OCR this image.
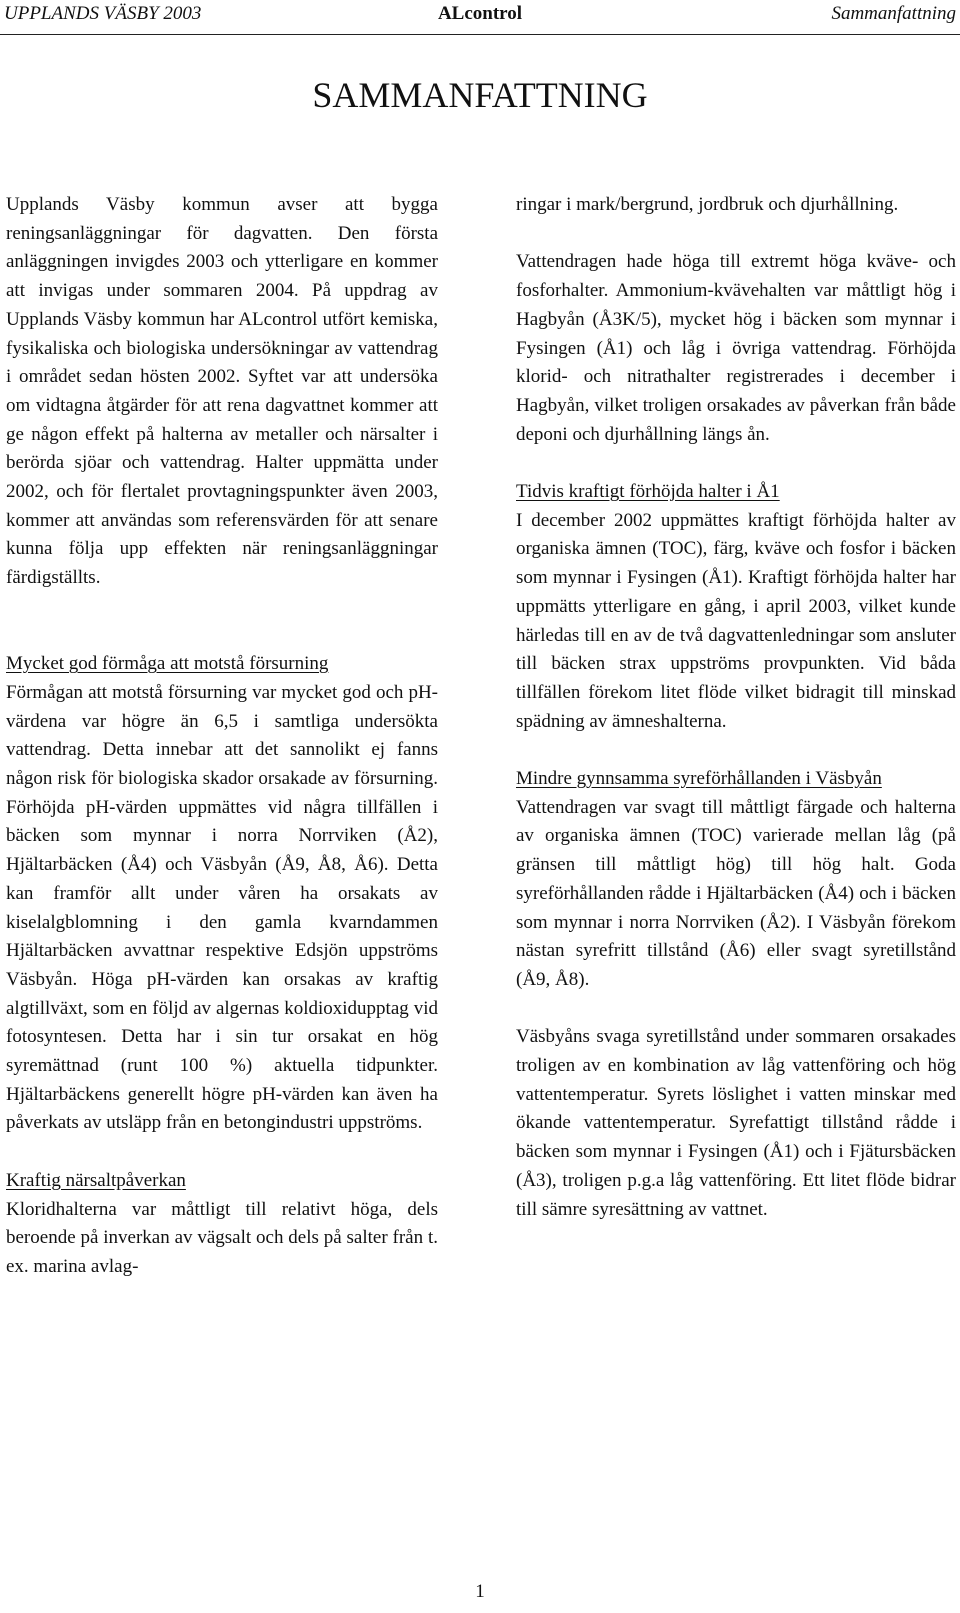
UPPLANDS VÄSBY 2003	ALcontrol	Sammanfattning
SAMMANFATTNING

Upplands Väsby kommun avser att bygga reningsanläggningar för dagvatten. Den första anläggningen invigdes 2003 och ytterligare en kommer att invigas under sommaren 2004. På uppdrag av Upplands Väsby kommun har ALcontrol utfört kemiska, fysikaliska och biologiska undersökningar av vattendrag i området sedan hösten 2002. Syftet var att undersöka om vidtagna åtgärder för att rena dagvattnet kommer att ge någon effekt på halterna av metaller och närsalter i berörda sjöar och vattendrag. Halter uppmätta under 2002, och för flertalet provtagningspunkter även 2003, kommer att användas som referensvärden för att senare kunna följa upp effekten när reningsanläggningar färdigställts.

Mycket god förmåga att motstå försurning

Förmågan att motstå försurning var mycket god och pH-värdena var högre än 6,5 i samtliga undersökta vattendrag. Detta innebar att det sannolikt ej fanns någon risk för biologiska skador orsakade av försurning. Förhöjda pH-värden uppmättes vid några tillfällen i bäcken som mynnar i norra Norrviken (Å2), Hjältarbäcken (Å4) och Väsbyån (Å9, Å8, Å6). Detta kan framför allt under våren ha orsakats av kiselalgblomning i den gamla kvarndammen Hjältarbäcken avvattnar respektive Edsjön uppströms Väsbyån. Höga pH-värden kan orsakas av kraftig algtillväxt, som en följd av algernas koldioxidupptag vid fotosyntesen. Detta har i sin tur orsakat en hög syremättnad (runt 100 %) aktuella tidpunkter. Hjältarbäckens generellt högre pH-värden kan även ha påverkats av utsläpp från en betongindustri uppströms.

Kraftig närsaltpåverkan

Kloridhalterna var måttligt till relativt höga, dels beroende på inverkan av vägsalt och dels på salter från t. ex. marina avlag-

ringar i mark/bergrund, jordbruk och djurhållning.

Vattendragen hade höga till extremt höga kväve- och fosforhalter. Ammonium-kvävehalten var måttligt hög i Hagbyån (Å3K/5), mycket hög i bäcken som mynnar i Fysingen (Å1) och låg i övriga vattendrag. Förhöjda klorid- och nitrathalter registrerades i december i Hagbyån, vilket troligen orsakades av påverkan från både deponi och djurhållning längs ån.

Tidvis kraftigt förhöjda halter i Å1

I december 2002 uppmättes kraftigt förhöjda halter av organiska ämnen (TOC), färg, kväve och fosfor i bäcken som mynnar i Fysingen (Å1). Kraftigt förhöjda halter har uppmätts ytterligare en gång, i april 2003, vilket kunde härledas till en av de två dagvattenledningar som ansluter till bäcken strax uppströms provpunkten. Vid båda tillfällen förekom litet flöde vilket bidragit till minskad spädning av ämneshalterna.

Mindre gynnsamma syreförhållanden i Väsbyån

Vattendragen var svagt till måttligt färgade och halterna av organiska ämnen (TOC) varierade mellan låg (på gränsen till måttligt hög) till hög halt. Goda syreförhållanden rådde i Hjältarbäcken (Å4) och i bäcken som mynnar i norra Norrviken (Å2). I Väsbyån förekom nästan syrefritt tillstånd (Å6) eller svagt syretillstånd (Å9, Å8).

Väsbyåns svaga syretillstånd under sommaren orsakades troligen av en kombination av låg vattenföring och hög vattentemperatur. Syrets löslighet i vatten minskar med ökande vattentemperatur. Syrefattigt tillstånd rådde i bäcken som mynnar i Fysingen (Å1) och i Fjätursbäcken (Å3), troligen p.g.a låg vattenföring. Ett litet flöde bidrar till sämre syresättning av vattnet.

1
